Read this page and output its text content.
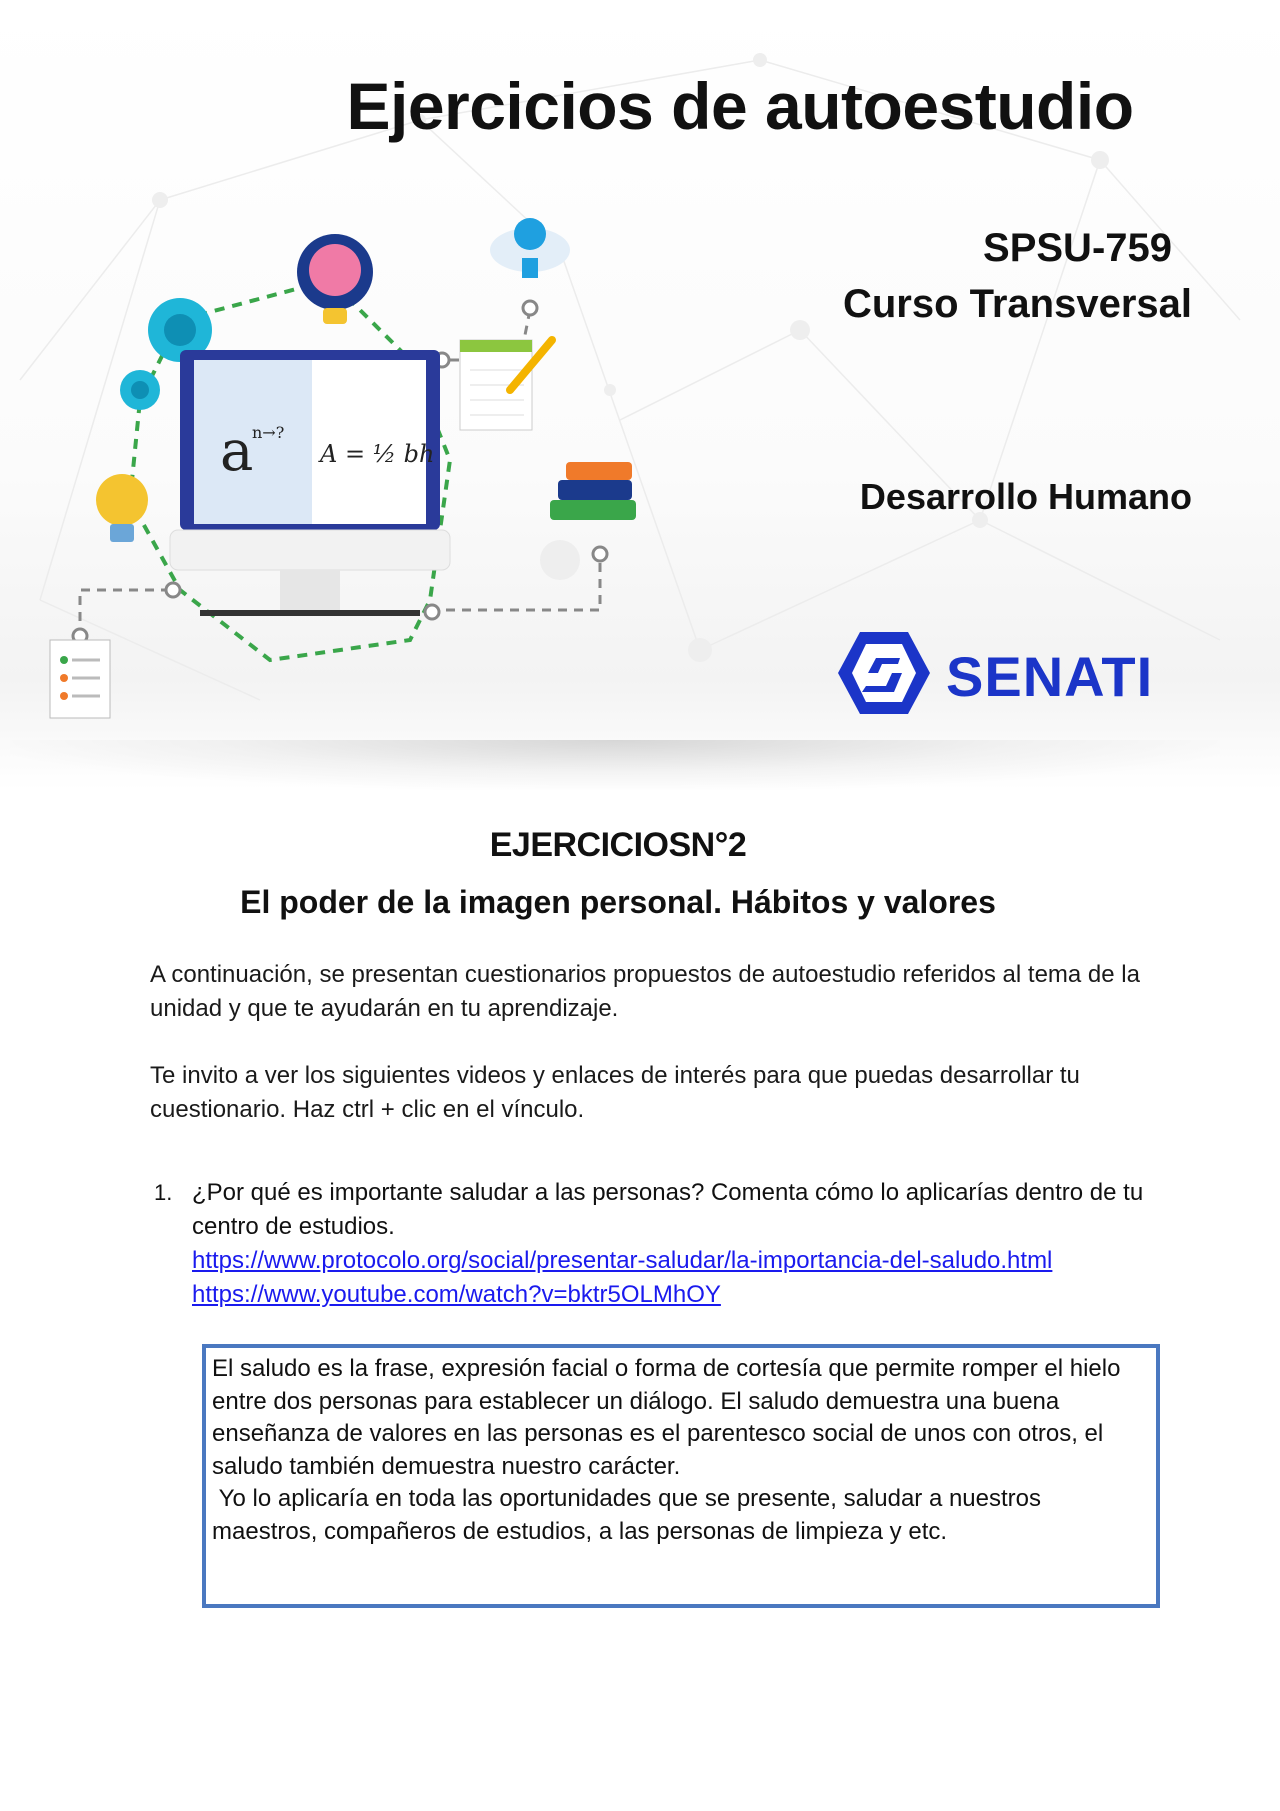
Ejercicios de autoestudio

SPSU-759

Curso Transversal

Desarrollo Humano

SENATI
a
n→?
A = ½ bh
EJERCICIOSN°2
El poder de la imagen personal. Hábitos y valores

A continuación, se presentan cuestionarios propuestos de autoestudio referidos al tema de la unidad y que te ayudarán en tu aprendizaje.

Te invito a ver los siguientes videos y enlaces de interés para que puedas desarrollar tu cuestionario. Haz ctrl + clic en el vínculo.

1. ¿Por qué es importante saludar a las personas? Comenta cómo lo aplicarías dentro de tu centro de estudios.

https://www.protocolo.org/social/presentar-saludar/la-importancia-del-saludo.html
https://www.youtube.com/watch?v=bktr5OLMhOY

El saludo es la frase, expresión facial o forma de cortesía que permite romper el hielo entre dos personas para establecer un diálogo. El saludo demuestra una buena enseñanza de valores en las personas es el parentesco social de unos con otros, el saludo también demuestra nuestro carácter.
Yo lo aplicaría en toda las oportunidades que se presente, saludar a nuestros maestros, compañeros de estudios, a las personas de limpieza y etc.
